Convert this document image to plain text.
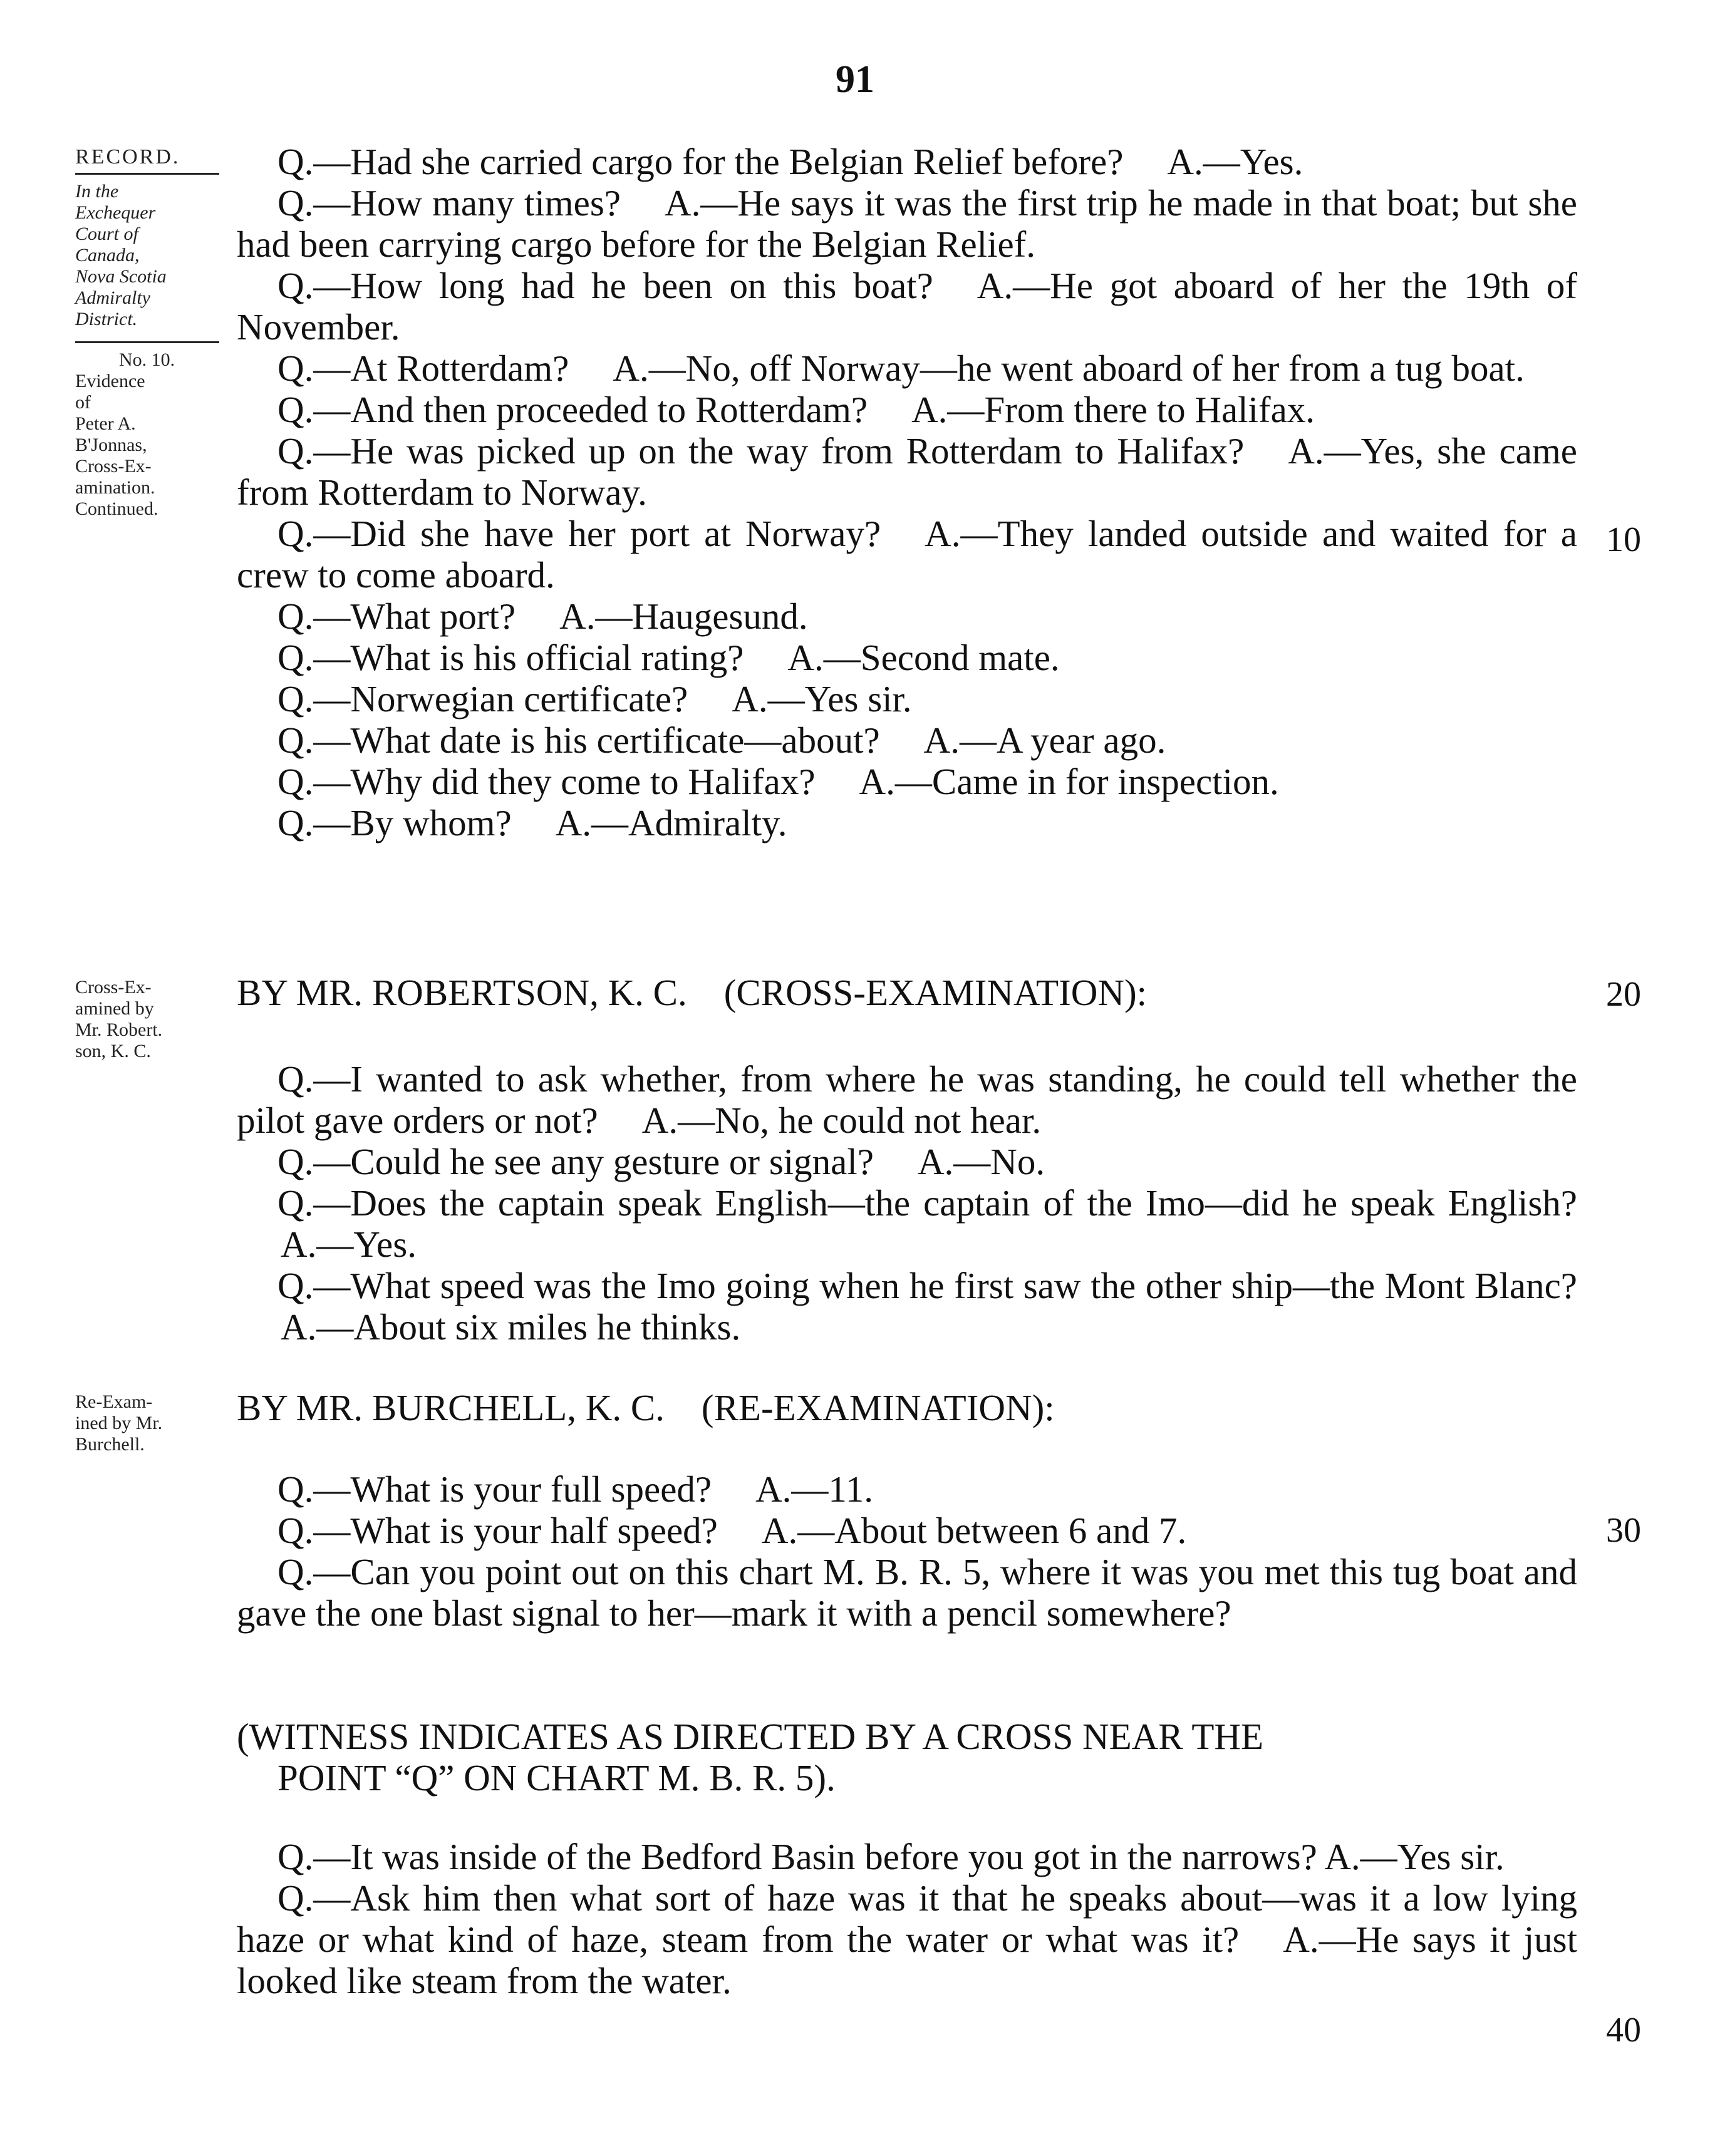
91
RECORD.
In the
Exchequer
Court of
Canada,
Nova Scotia
Admiralty
District.
No. 10.
Evidence
of
Peter A.
B'Jonnas,
Cross-Ex-
amination.
Continued.
Cross-Ex-
amined by
Mr. Robert.
son, K. C.
Re-Exam-
ined by Mr.
Burchell.

Q.—Had she carried cargo for the Belgian Relief before? A.—Yes.

Q.—How many times? A.—He says it was the first trip he made in that boat; but she had been carrying cargo before for the Belgian Relief.

Q.—How long had he been on this boat? A.—He got aboard of her the 19th of November.

Q.—At Rotterdam? A.—No, off Norway—he went aboard of her from a tug boat.

Q.—And then proceeded to Rotterdam? A.—From there to Halifax.

Q.—He was picked up on the way from Rotterdam to Halifax? A.—Yes, she came from Rotterdam to Norway.

Q.—Did she have her port at Norway? A.—They landed outside and waited for a crew to come aboard.

Q.—What port? A.—Haugesund.

Q.—What is his official rating? A.—Second mate.

Q.—Norwegian certificate? A.—Yes sir.

Q.—What date is his certificate—about? A.—A year ago.

Q.—Why did they come to Halifax? A.—Came in for inspection.

Q.—By whom? A.—Admiralty.

BY MR. ROBERTSON, K. C.    (CROSS-EXAMINATION):

Q.—I wanted to ask whether, from where he was standing, he could tell whether the pilot gave orders or not? A.—No, he could not hear.

Q.—Could he see any gesture or signal? A.—No.

Q.—Does the captain speak English—the captain of the Imo—did he speak English?A.—Yes.

Q.—What speed was the Imo going when he first saw the other ship—the Mont Blanc?A.—About six miles he thinks.

BY MR. BURCHELL, K. C.    (RE-EXAMINATION):

Q.—What is your full speed? A.—11.

Q.—What is your half speed? A.—About between 6 and 7.

Q.—Can you point out on this chart M. B. R. 5, where it was you met this tug boat and gave the one blast signal to her—mark it with a pencil somewhere?

(WITNESS INDICATES AS DIRECTED BY A CROSS NEAR THE
POINT “Q” ON CHART M. B. R. 5).

Q.—It was inside of the Bedford Basin before you got in the narrows? A.—Yes sir.

Q.—Ask him then what sort of haze was it that he speaks about—was it a low lying haze or what kind of haze, steam from the water or what was it? A.—He says it just looked like steam from the water.

10
20
30
40
